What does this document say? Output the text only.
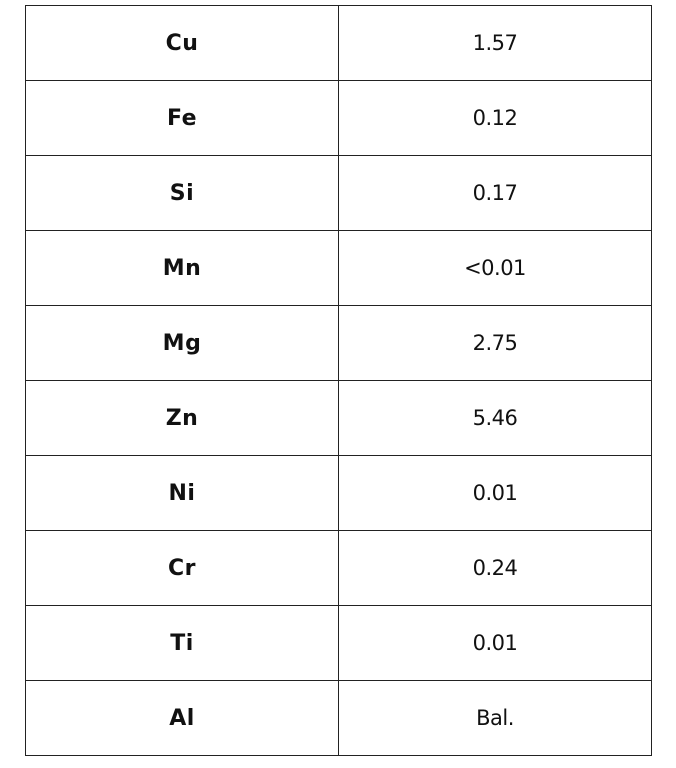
Cu	1.57
Fe	0.12
Si	0.17
Mn	<0.01
Mg	2.75
Zn	5.46
Ni	0.01
Cr	0.24
Ti	0.01
Al	Bal.
